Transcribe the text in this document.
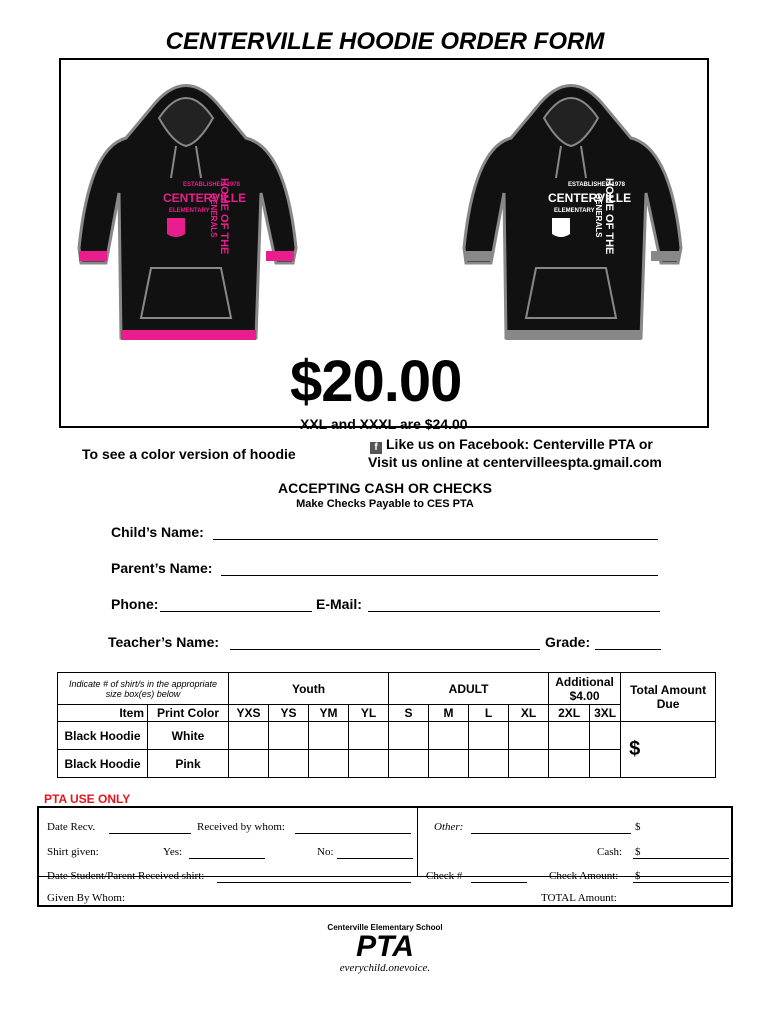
CENTERVILLE HOODIE ORDER FORM
ESTABLISHED 1978
CENTERVILLE
ELEMENTARY HOME OF THE
GENERALS
ESTABLISHED 1978
CENTERVILLE
ELEMENTARY HOME OF THE
GENERALS
$20.00
XXL and XXXL are $24.00
To see a color version of hoodie	f Like us on Facebook: Centerville PTA or
Visit us online at centervilleespta.gmail.com
ACCEPTING CASH OR CHECKS
Make Checks Payable to CES PTA
Child’s Name:
Parent’s Name:
Phone:	E-Mail:
Teacher’s Name:	Grade:
Indicate # of shirt/s in the appropriate size box(es) below		Youth				ADULT				Additional $4.00		Total Amount Due
Item	Print Color	YXS	YS	YM	YL	S	M	L	XL	2XL	3XL	
Black Hoodie	White											$
Black Hoodie	Pink											
PTA USE ONLY
Date Recv.	Received by whom:	Other:	$
Shirt given:	Yes:	No:	Cash: $
Date Student/Parent Received shirt:	Check #	Check Amount: $
Given By Whom:	TOTAL Amount:
Centerville Elementary School
PTA
everychild.onevoice.
